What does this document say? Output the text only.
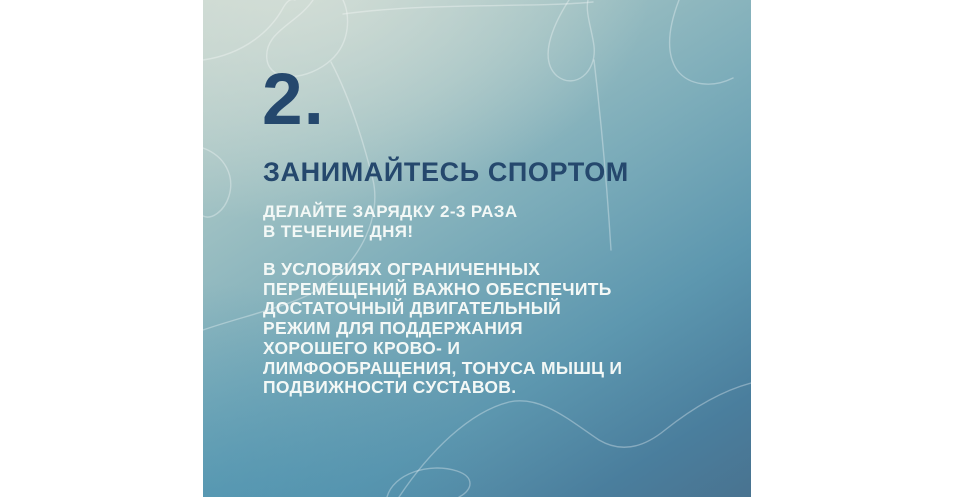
2.
ЗАНИМАЙТЕСЬ СПОРТОМ
ДЕЛАЙТЕ ЗАРЯДКУ 2-3 РАЗА
В ТЕЧЕНИЕ ДНЯ!
В УСЛОВИЯХ ОГРАНИЧЕННЫХ
ПЕРЕМЕЩЕНИЙ ВАЖНО ОБЕСПЕЧИТЬ
ДОСТАТОЧНЫЙ ДВИГАТЕЛЬНЫЙ
РЕЖИМ ДЛЯ ПОДДЕРЖАНИЯ
ХОРОШЕГО КРОВО- И
ЛИМФООБРАЩЕНИЯ, ТОНУСА МЫШЦ И
ПОДВИЖНОСТИ СУСТАВОВ.
